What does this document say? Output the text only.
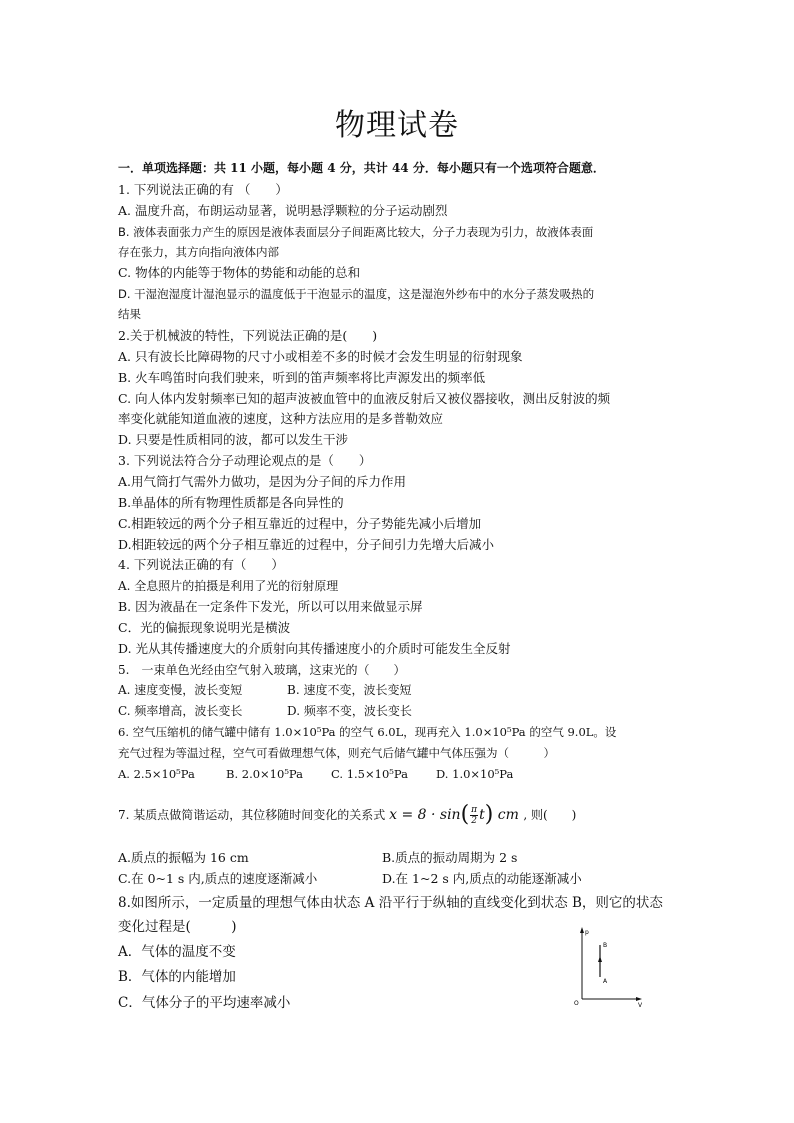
物理试卷
一．单项选择题：共 11 小题，每小题 4 分，共计 44 分．每小题只有一个选项符合题意．
1. 下列说法正确的有 （　　）
A. 温度升高，布朗运动显著，说明悬浮颗粒的分子运动剧烈
B. 液体表面张力产生的原因是液体表面层分子间距离比较大，分子力表现为引力，故液体表面
存在张力，其方向指向液体内部
C. 物体的内能等于物体的势能和动能的总和
D. 干湿泡湿度计湿泡显示的温度低于干泡显示的温度，这是湿泡外纱布中的水分子蒸发吸热的
结果
2.关于机械波的特性，下列说法正确的是(　　)
A. 只有波长比障碍物的尺寸小或相差不多的时候才会发生明显的衍射现象
B. 火车鸣笛时向我们驶来，听到的笛声频率将比声源发出的频率低
C. 向人体内发射频率已知的超声波被血管中的血液反射后又被仪器接收，测出反射波的频
率变化就能知道血液的速度，这种方法应用的是多普勒效应
D. 只要是性质相同的波，都可以发生干涉
3. 下列说法符合分子动理论观点的是（　　）
A.用气筒打气需外力做功，是因为分子间的斥力作用
B.单晶体的所有物理性质都是各向异性的
C.相距较远的两个分子相互靠近的过程中，分子势能先减小后增加
D.相距较远的两个分子相互靠近的过程中，分子间引力先增大后减小
4. 下列说法正确的有（　　）
A. 全息照片的拍摄是利用了光的衍射原理
B. 因为液晶在一定条件下发光，所以可以用来做显示屏
C．光的偏振现象说明光是横波
D. 光从其传播速度大的介质射向其传播速度小的介质时可能发生全反射
5.　一束单色光经由空气射入玻璃，这束光的（　　）
A. 速度变慢，波长变短	B. 速度不变，波长变短
C. 频率增高，波长变长	D. 频率不变，波长变长
6. 空气压缩机的储气罐中储有 1.0×10⁵Pa 的空气 6.0L，现再充入 1.0×10⁵Pa 的空气 9.0L。设
充气过程为等温过程，空气可看做理想气体，则充气后储气罐中气体压强为（　　　）
A. 2.5×10⁵Pa	B. 2.0×10⁵Pa C. 1.5×10⁵Pa D. 1.0×10⁵Pa
7. 某质点做简谐运动，其位移随时间变化的关系式 $x = 8 \cdot \sin( \frac{\pi}{2} t)$ cm , 则(　　)
A.质点的振幅为 16 cm	B.质点的振动周期为 2 s
C.在 0~1 s 内,质点的速度逐渐减小	D.在 1~2 s 内,质点的动能逐渐减小
8.如图所示，一定质量的理想气体由状态 A 沿平行于纵轴的直线变化到状态 B，则它的状态
变化过程是(　　　)
A．气体的温度不变
B．气体的内能增加
C．气体分子的平均速率减小
p
V
O
B
A
